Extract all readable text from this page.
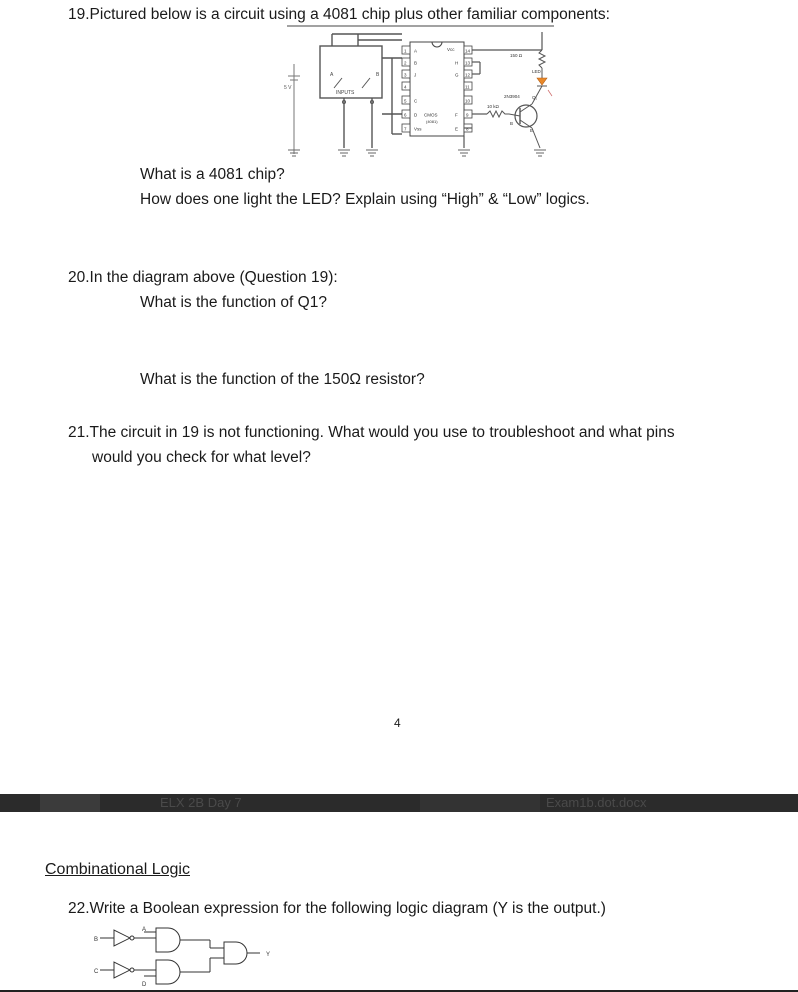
19.Pictured below is a circuit using a 4081 chip plus other familiar components:
5 V
A	B
INPUTS
1
2
3
4
5
6
7
A
B
J
C
D
14
13
12
11
10
9
8
H
G
F
E
Vcc
Vss
CMOS
(4081)
150 Ω
LED
2N3904	Q₁
E
B
10 kΩ
What is a 4081 chip?
How does one light the LED? Explain using “High” & “Low” logics.
20.In the diagram above (Question 19):
What is the function of Q1?
What is the function of the 150Ω resistor?
21.The circuit in 19 is not functioning. What would you use to troubleshoot and what pins
would you check for what level?
4
ELX 2B Day 7	Exam1b.dot.docx
Combinational Logic
22.Write a Boolean expression for the following logic diagram (Y is the output.)
B
C
A
D
Y
